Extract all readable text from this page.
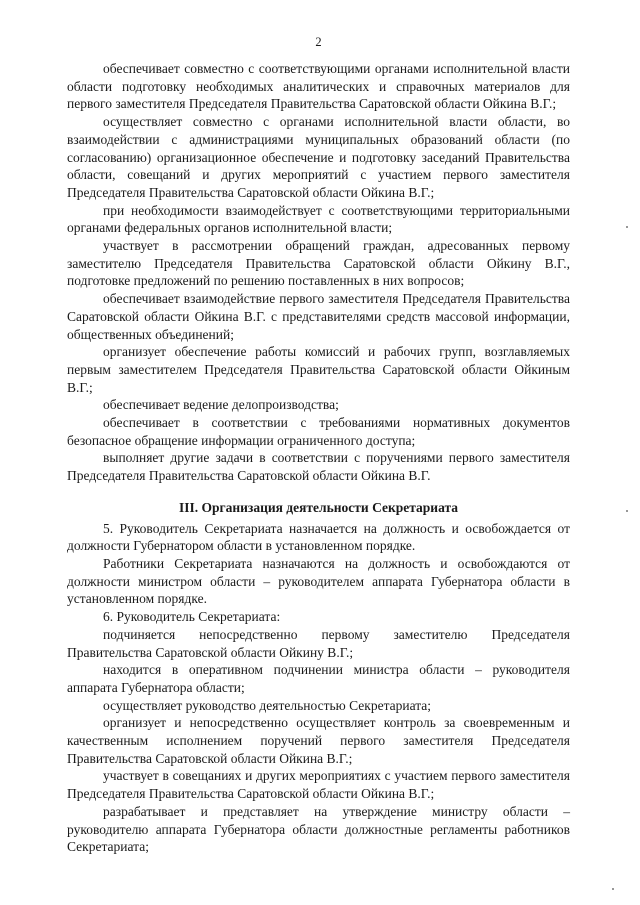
2

обеспечивает совместно с соответствующими органами исполнительной власти области подготовку необходимых аналитических и справочных материалов для первого заместителя Председателя Правительства Саратовской области Ойкина В.Г.;

осуществляет совместно с органами исполнительной власти области, во взаимодействии с администрациями муниципальных образований области (по согласованию) организационное обеспечение и подготовку заседаний Правительства области, совещаний и других мероприятий с участием первого заместителя Председателя Правительства Саратовской области Ойкина В.Г.;

при необходимости взаимодействует с соответствующими территориальными органами федеральных органов исполнительной власти;

участвует в рассмотрении обращений граждан, адресованных первому заместителю Председателя Правительства Саратовской области Ойкину В.Г., подготовке предложений по решению поставленных в них вопросов;

обеспечивает взаимодействие первого заместителя Председателя Правительства Саратовской области Ойкина В.Г. с представителями средств массовой информации, общественных объединений;

организует обеспечение работы комиссий и рабочих групп, возглавляемых первым заместителем Председателя Правительства Саратовской области Ойкиным В.Г.;

обеспечивает ведение делопроизводства;

обеспечивает в соответствии с требованиями нормативных документов безопасное обращение информации ограниченного доступа;

выполняет другие задачи в соответствии с поручениями первого заместителя Председателя Правительства Саратовской области Ойкина В.Г.

III. Организация деятельности Секретариата

5. Руководитель Секретариата назначается на должность и освобождается от должности Губернатором области в установленном порядке.

Работники Секретариата назначаются на должность и освобождаются от должности министром области – руководителем аппарата Губернатора области в установленном порядке.

6. Руководитель Секретариата:

подчиняется непосредственно первому заместителю Председателя Правительства Саратовской области Ойкину В.Г.;

находится в оперативном подчинении министра области – руководителя аппарата Губернатора области;

осуществляет руководство деятельностью Секретариата;

организует и непосредственно осуществляет контроль за своевременным и качественным исполнением поручений первого заместителя Председателя Правительства Саратовской области Ойкина В.Г.;

участвует в совещаниях и других мероприятиях с участием первого заместителя Председателя Правительства Саратовской области Ойкина В.Г.;

разрабатывает и представляет на утверждение министру области – руководителю аппарата Губернатора области должностные регламенты работников Секретариата;
